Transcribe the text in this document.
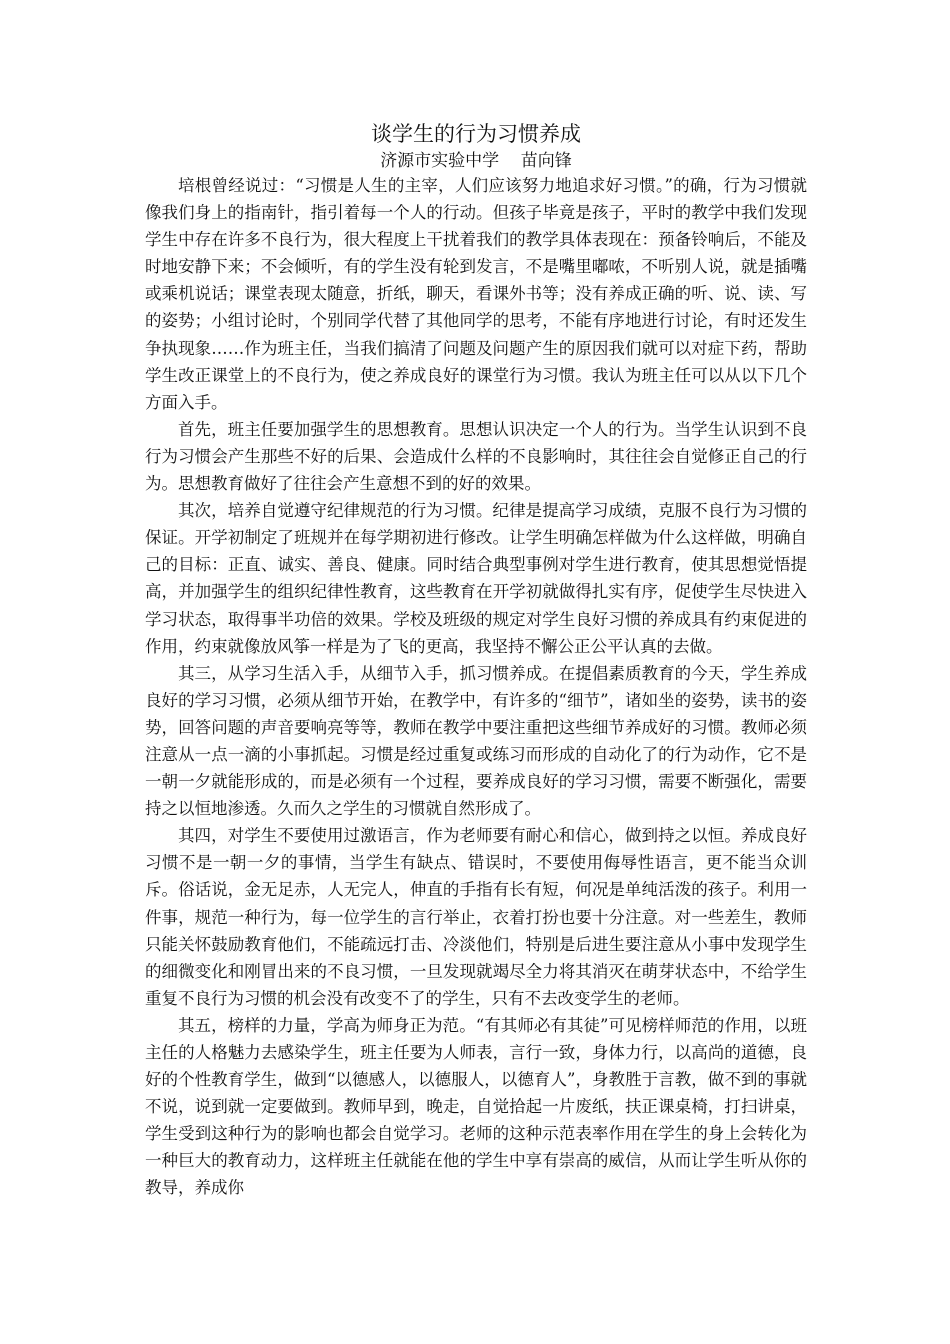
谈学生的行为习惯养成

济源市实验中学    苗向锋

培根曾经说过：“习惯是人生的主宰，人们应该努力地追求好习惯。”的确，行为习惯就像我们身上的指南针，指引着每一个人的行动。但孩子毕竟是孩子，平时的教学中我们发现学生中存在许多不良行为，很大程度上干扰着我们的教学具体表现在：预备铃响后，不能及时地安静下来；不会倾听，有的学生没有轮到发言，不是嘴里嘟哝，不听别人说，就是插嘴或乘机说话；课堂表现太随意，折纸，聊天，看课外书等；没有养成正确的听、说、读、写的姿势；小组讨论时，个别同学代替了其他同学的思考，不能有序地进行讨论，有时还发生争执现象……作为班主任，当我们搞清了问题及问题产生的原因我们就可以对症下药，帮助学生改正课堂上的不良行为，使之养成良好的课堂行为习惯。我认为班主任可以从以下几个方面入手。

首先，班主任要加强学生的思想教育。思想认识决定一个人的行为。当学生认识到不良行为习惯会产生那些不好的后果、会造成什么样的不良影响时，其往往会自觉修正自己的行为。思想教育做好了往往会产生意想不到的好的效果。

其次，培养自觉遵守纪律规范的行为习惯。纪律是提高学习成绩，克服不良行为习惯的保证。开学初制定了班规并在每学期初进行修改。让学生明确怎样做为什么这样做，明确自己的目标：正直、诚实、善良、健康。同时结合典型事例对学生进行教育，使其思想觉悟提高，并加强学生的组织纪律性教育，这些教育在开学初就做得扎实有序，促使学生尽快进入学习状态，取得事半功倍的效果。学校及班级的规定对学生良好习惯的养成具有约束促进的作用，约束就像放风筝一样是为了飞的更高，我坚持不懈公正公平认真的去做。

其三，从学习生活入手，从细节入手，抓习惯养成。在提倡素质教育的今天，学生养成良好的学习习惯，必须从细节开始，在教学中，有许多的“细节”，诸如坐的姿势，读书的姿势，回答问题的声音要响亮等等，教师在教学中要注重把这些细节养成好的习惯。教师必须注意从一点一滴的小事抓起。习惯是经过重复或练习而形成的自动化了的行为动作，它不是一朝一夕就能形成的，而是必须有一个过程，要养成良好的学习习惯，需要不断强化，需要持之以恒地渗透。久而久之学生的习惯就自然形成了。

其四，对学生不要使用过激语言，作为老师要有耐心和信心，做到持之以恒。养成良好习惯不是一朝一夕的事情，当学生有缺点、错误时，不要使用侮辱性语言，更不能当众训斥。俗话说，金无足赤，人无完人，伸直的手指有长有短，何况是单纯活泼的孩子。利用一件事，规范一种行为，每一位学生的言行举止，衣着打扮也要十分注意。对一些差生，教师只能关怀鼓励教育他们，不能疏远打击、冷淡他们，特别是后进生要注意从小事中发现学生的细微变化和刚冒出来的不良习惯，一旦发现就竭尽全力将其消灭在萌芽状态中，不给学生重复不良行为习惯的机会没有改变不了的学生，只有不去改变学生的老师。

其五，榜样的力量，学高为师身正为范。“有其师必有其徒”可见榜样师范的作用，以班主任的人格魅力去感染学生，班主任要为人师表，言行一致，身体力行，以高尚的道德，良好的个性教育学生，做到“以德感人，以德服人，以德育人”，身教胜于言教，做不到的事就不说，说到就一定要做到。教师早到，晚走，自觉拾起一片废纸，扶正课桌椅，打扫讲桌，学生受到这种行为的影响也都会自觉学习。老师的这种示范表率作用在学生的身上会转化为一种巨大的教育动力，这样班主任就能在他的学生中享有崇高的威信，从而让学生听从你的教导，养成你
